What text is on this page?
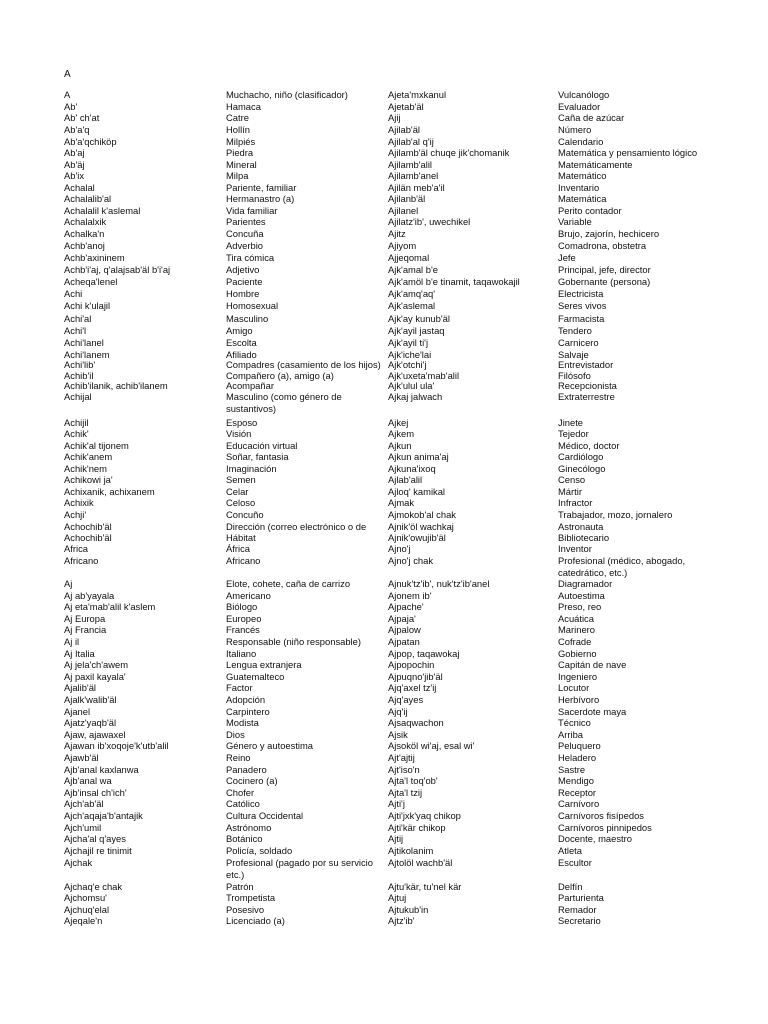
A
A
Ab'
Ab' ch'at
Ab'a'q
Ab'a'qchiköp
Ab'aj
Ab'äj
Ab'ix
Achalal
Achalalib'al
Achalalil k'aslemal
Achalalxik
Achalka'n
Achb'anoj
Achb'axininem
Achb'i'aj, q'alajsab'äl b'i'aj
Acheqa'lenel
Achi
Achi k'ulajil
Achi'al
Achi'l
Achi'lanel
Achi'lanem
Achi'lib'
Achib'il
Achib'ilanik, achib'ilanem
Achijal
Achijil
Achik'
Achik'al tijonem
Achik'anem
Achik'nem
Achikowi ja'
Achixanik, achixanem
Achixik
Achji'
Achochib'äl
Achochib'äl
Africa
Africano
Aj
Aj ab'yayala
Aj eta'mab'alil k'aslem
Aj Europa
Aj Francia
Aj il
Aj Italia
Aj jela'ch'awem
Aj paxil kayala'
Ajalib'äl
Ajalk'walib'äl
Ajanel
Ajatz'yaqb'äl
Ajaw, ajawaxel
Ajawan ib'xoqoje'k'utb'alil
Ajawb'äl
Ajb'anal kaxlanwa
Ajb'anal wa
Ajb'insal ch'ich'
Ajch'ab'äl
Ajch'aqaja'b'antajik
Ajch'umil
Ajcha'al q'ayes
Ajchajil re tinimit
Ajchak
Ajchaq'e chak
Ajchomsu'
Ajchuq'elal
Ajeqale'n
Muchacho, niño (clasificador)
Hamaca
Catre
Hollín
Milpiés
Piedra
Mineral
Milpa
Pariente, familiar
Hermanastro (a)
Vida familiar
Parientes
Concuña
Adverbio
Tira cómica
Adjetivo
Paciente
Hombre
Homosexual
Masculino
Amigo
Escolta
Afiliado
Compadres (casamiento de los hijos)
Compañero (a), amigo (a)
Acompañar
Masculino (como género de sustantivos)
Esposo
Visión
Educación virtual
Soñar, fantasia
Imaginación
Semen
Celar
Celoso
Concuño
Dirección (correo electrónico o de
Hábitat
África
Africano
Elote, cohete, caña de carrizo
Americano
Biólogo
Europeo
Francés
Responsable (niño responsable)
Italiano
Lengua extranjera
Guatemalteco
Factor
Adopción
Carpintero
Modista
Dios
Género y autoestima
Reino
Panadero
Cocinero (a)
Chofer
Católico
Cultura Occidental
Astrónomo
Botánico
Policía, soldado
Profesional (pagado por su servicio etc.)
Patrón
Trompetista
Posesivo
Licenciado (a)
Ajeta'mxkanul
Ajetab'äl
Ajij
Ajilab'äl
Ajilab'al q'ij
Ajilamb'äl chuqe jik'chomanik
Ajilamb'alil
Ajilamb'anel
Ajilän meb'a'il
Ajilanb'äl
Ajilanel
Ajilatz'ib', uwechikel
Ajitz
Ajiyom
Ajjeqomal
Ajk'amal b'e
Ajk'amöl b'e tinamit, taqawokajil
Ajk'amq'aq'
Ajk'aslemal
Ajk'ay kunub'äl
Ajk'ayil jastaq
Ajk'ayil ti'j
Ajk'iche'lai
Ajk'otchi'j
Ajk'uxeta'mab'alil
Ajk'ulul ula'
Ajkaj jalwach
Ajkej
Ajkem
Ajkun
Ajkun anima'aj
Ajkuna'ixoq
Ajlab'alil
Ajloq' kamikal
Ajmak
Ajmokob'al chak
Ajnik'öl wachkaj
Ajnik'owujib'äl
Ajno'j
Ajno'j chak
Ajnuk'tz'ib', nuk'tz'ib'anel
Ajonem ib'
Ajpache'
Ajpaja'
Ajpalow
Ajpatan
Ajpop, taqawokaj
Ajpopochin
Ajpuqno'jib'äl
Ajq'axel tz'ij
Ajq'ayes
Ajq'ij
Ajsaqwachon
Ajsik
Ajsoköl wi'aj, esal wi'
Ajt'ajtij
Ajt'iso'n
Ajta'l toq'ob'
Ajta'l tzij
Ajti'j
Ajti'jxk'yaq chikop
Ajti'kär chikop
Ajtij
Ajtikolanim
Ajtolöl wachb'äl
Ajtu'kär, tu'nel kär
Ajtuj
Ajtukub'in
Ajtz'ib'
Vulcanólogo
Evaluador
Caña de azúcar
Número
Calendario
Matemática y pensamiento lógico
Matemáticamente
Matemático
Inventario
Matemática
Perito contador
Variable
Brujo, zajorín, hechicero
Comadrona, obstetra
Jefe
Principal, jefe, director
Gobernante (persona)
Electricista
Seres vivos
Farmacista
Tendero
Carnicero
Salvaje
Entrevistador
Filósofo
Recepcionista
Extraterrestre
Jinete
Tejedor
Médico, doctor
Cardiólogo
Ginecólogo
Censo
Mártir
Infractor
Trabajador, mozo, jornalero
Astronauta
Bibliotecario
Inventor
Profesional (médico, abogado, catedrático, etc.)
Diagramador
Autoestima
Preso, reo
Acuática
Marinero
Cofrade
Gobierno
Capitán de nave
Ingeniero
Locutor
Herbívoro
Sacerdote maya
Técnico
Arriba
Peluquero
Heladero
Sastre
Mendigo
Receptor
Carnívoro
Carnívoros fisípedos
Carnívoros pinnipedos
Docente, maestro
Atleta
Escultor
Delfín
Parturienta
Remador
Secretario
